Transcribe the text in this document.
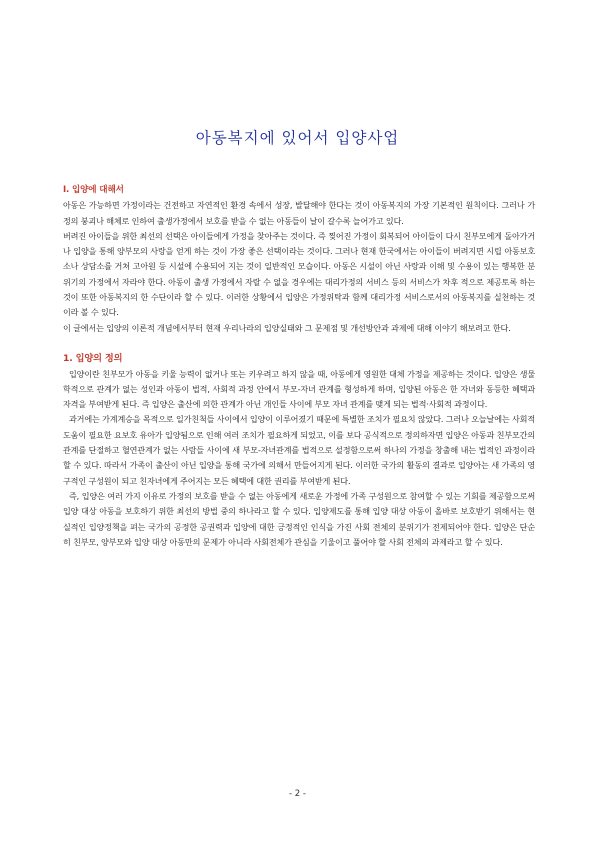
아동복지에 있어서 입양사업

Ⅰ. 입양에 대해서

아동은 가능하면 가정이라는 건전하고 자연적인 환경 속에서 성장, 발달해야 한다는 것이 아동복지의 가장 기본적인 원칙이다. 그러나 가정의 붕괴나 해체로 인하여 출생가정에서 보호를 받을 수 없는 아동들이 날이 갈수록 늘어가고 있다.

버려진 아이들을 위한 최선의 선택은 아이들에게 가정을 찾아주는 것이다. 즉 찢어진 가정이 회복되어 아이들이 다시 친부모에게 돌아가거나 입양을 통해 양부모의 사랑을 얻게 하는 것이 가장 좋은 선택이라는 것이다. 그러나 현재 한국에서는 아이들이 버려지면 시립 아동보호소나 상담소를 거쳐 고아원 등 시설에 수용되어 지는 것이 일반적인 모습이다. 아동은 시설이 아닌 사랑과 이해 및 수용이 있는 행복한 분위기의 가정에서 자라야 한다. 아동이 출생 가정에서 자랄 수 없을 경우에는 대리가정의 서비스 등의 서비스가 차후 적으로 제공토록 하는 것이 또한 아동복지의 한 수단이라 할 수 있다. 이러한 상황에서 입양은 가정위탁과 함께 대리가정 서비스로서의 아동복지를 실천하는 것이라 볼 수 있다.

이 글에서는 입양의 이론적 개념에서부터 현재 우리나라의 입양실태와 그 문제점 및 개선방안과 과제에 대해 이야기 해보려고 한다.

1. 입양의 정의

입양이란 친부모가 아동을 키울 능력이 없거나 또는 키우려고 하지 않을 때, 아동에게 영원한 대체 가정을 제공하는 것이다. 입양은 생물학적으로 관계가 없는 성인과 아동이 법적, 사회적 과정 안에서 부모-자녀 관계를 형성하게 하며, 입양된 아동은 한 자녀와 동등한 혜택과 자격을 부여받게 된다. 즉 입양은 출산에 의한 관계가 아닌 개인들 사이에 부모 자녀 관계를 맺게 되는 법적·사회적 과정이다.

과거에는 가계계승을 목적으로 일가친척들 사이에서 입양이 이루어졌기 때문에 특별한 조치가 필요치 않았다. 그러나 오늘날에는 사회적 도움이 필요한 요보호 유아가 입양됨으로 인해 여러 조치가 필요하게 되었고, 이를 보다 공식적으로 정의하자면 입양은 아동과 친부모간의 관계를 단절하고 혈연관계가 없는 사람들 사이에 새 부모-자녀관계를 법적으로 설정함으로써 하나의 가정을 창출해 내는 법적인 과정이라 할 수 있다. 따라서 가족이 출산이 아닌 입양을 통해 국가에 의해서 만들어지게 된다. 이러한 국가의 활동의 결과로 입양아는 새 가족의 영구적인 구성원이 되고 친자녀에게 주어지는 모든 혜택에 대한 권리를 부여받게 된다.

즉, 입양은 여러 가지 이유로 가정의 보호를 받을 수 없는 아동에게 새로운 가정에 가족 구성원으로 참여할 수 있는 기회를 제공함으로써 입양 대상 아동을 보호하기 위한 최선의 방법 중의 하나라고 할 수 있다. 입양제도를 통해 입양 대상 아동이 올바로 보호받기 위해서는 현실적인 입양정책을 펴는 국가의 공정한 공권력과 입양에 대한 긍정적인 인식을 가진 사회 전체의 분위기가 전제되어야 한다. 입양은 단순히 친부모, 양부모와 입양 대상 아동만의 문제가 아니라 사회전체가 관심을 기울이고 풀어야 할 사회 전체의 과제라고 할 수 있다.

- 2 -
